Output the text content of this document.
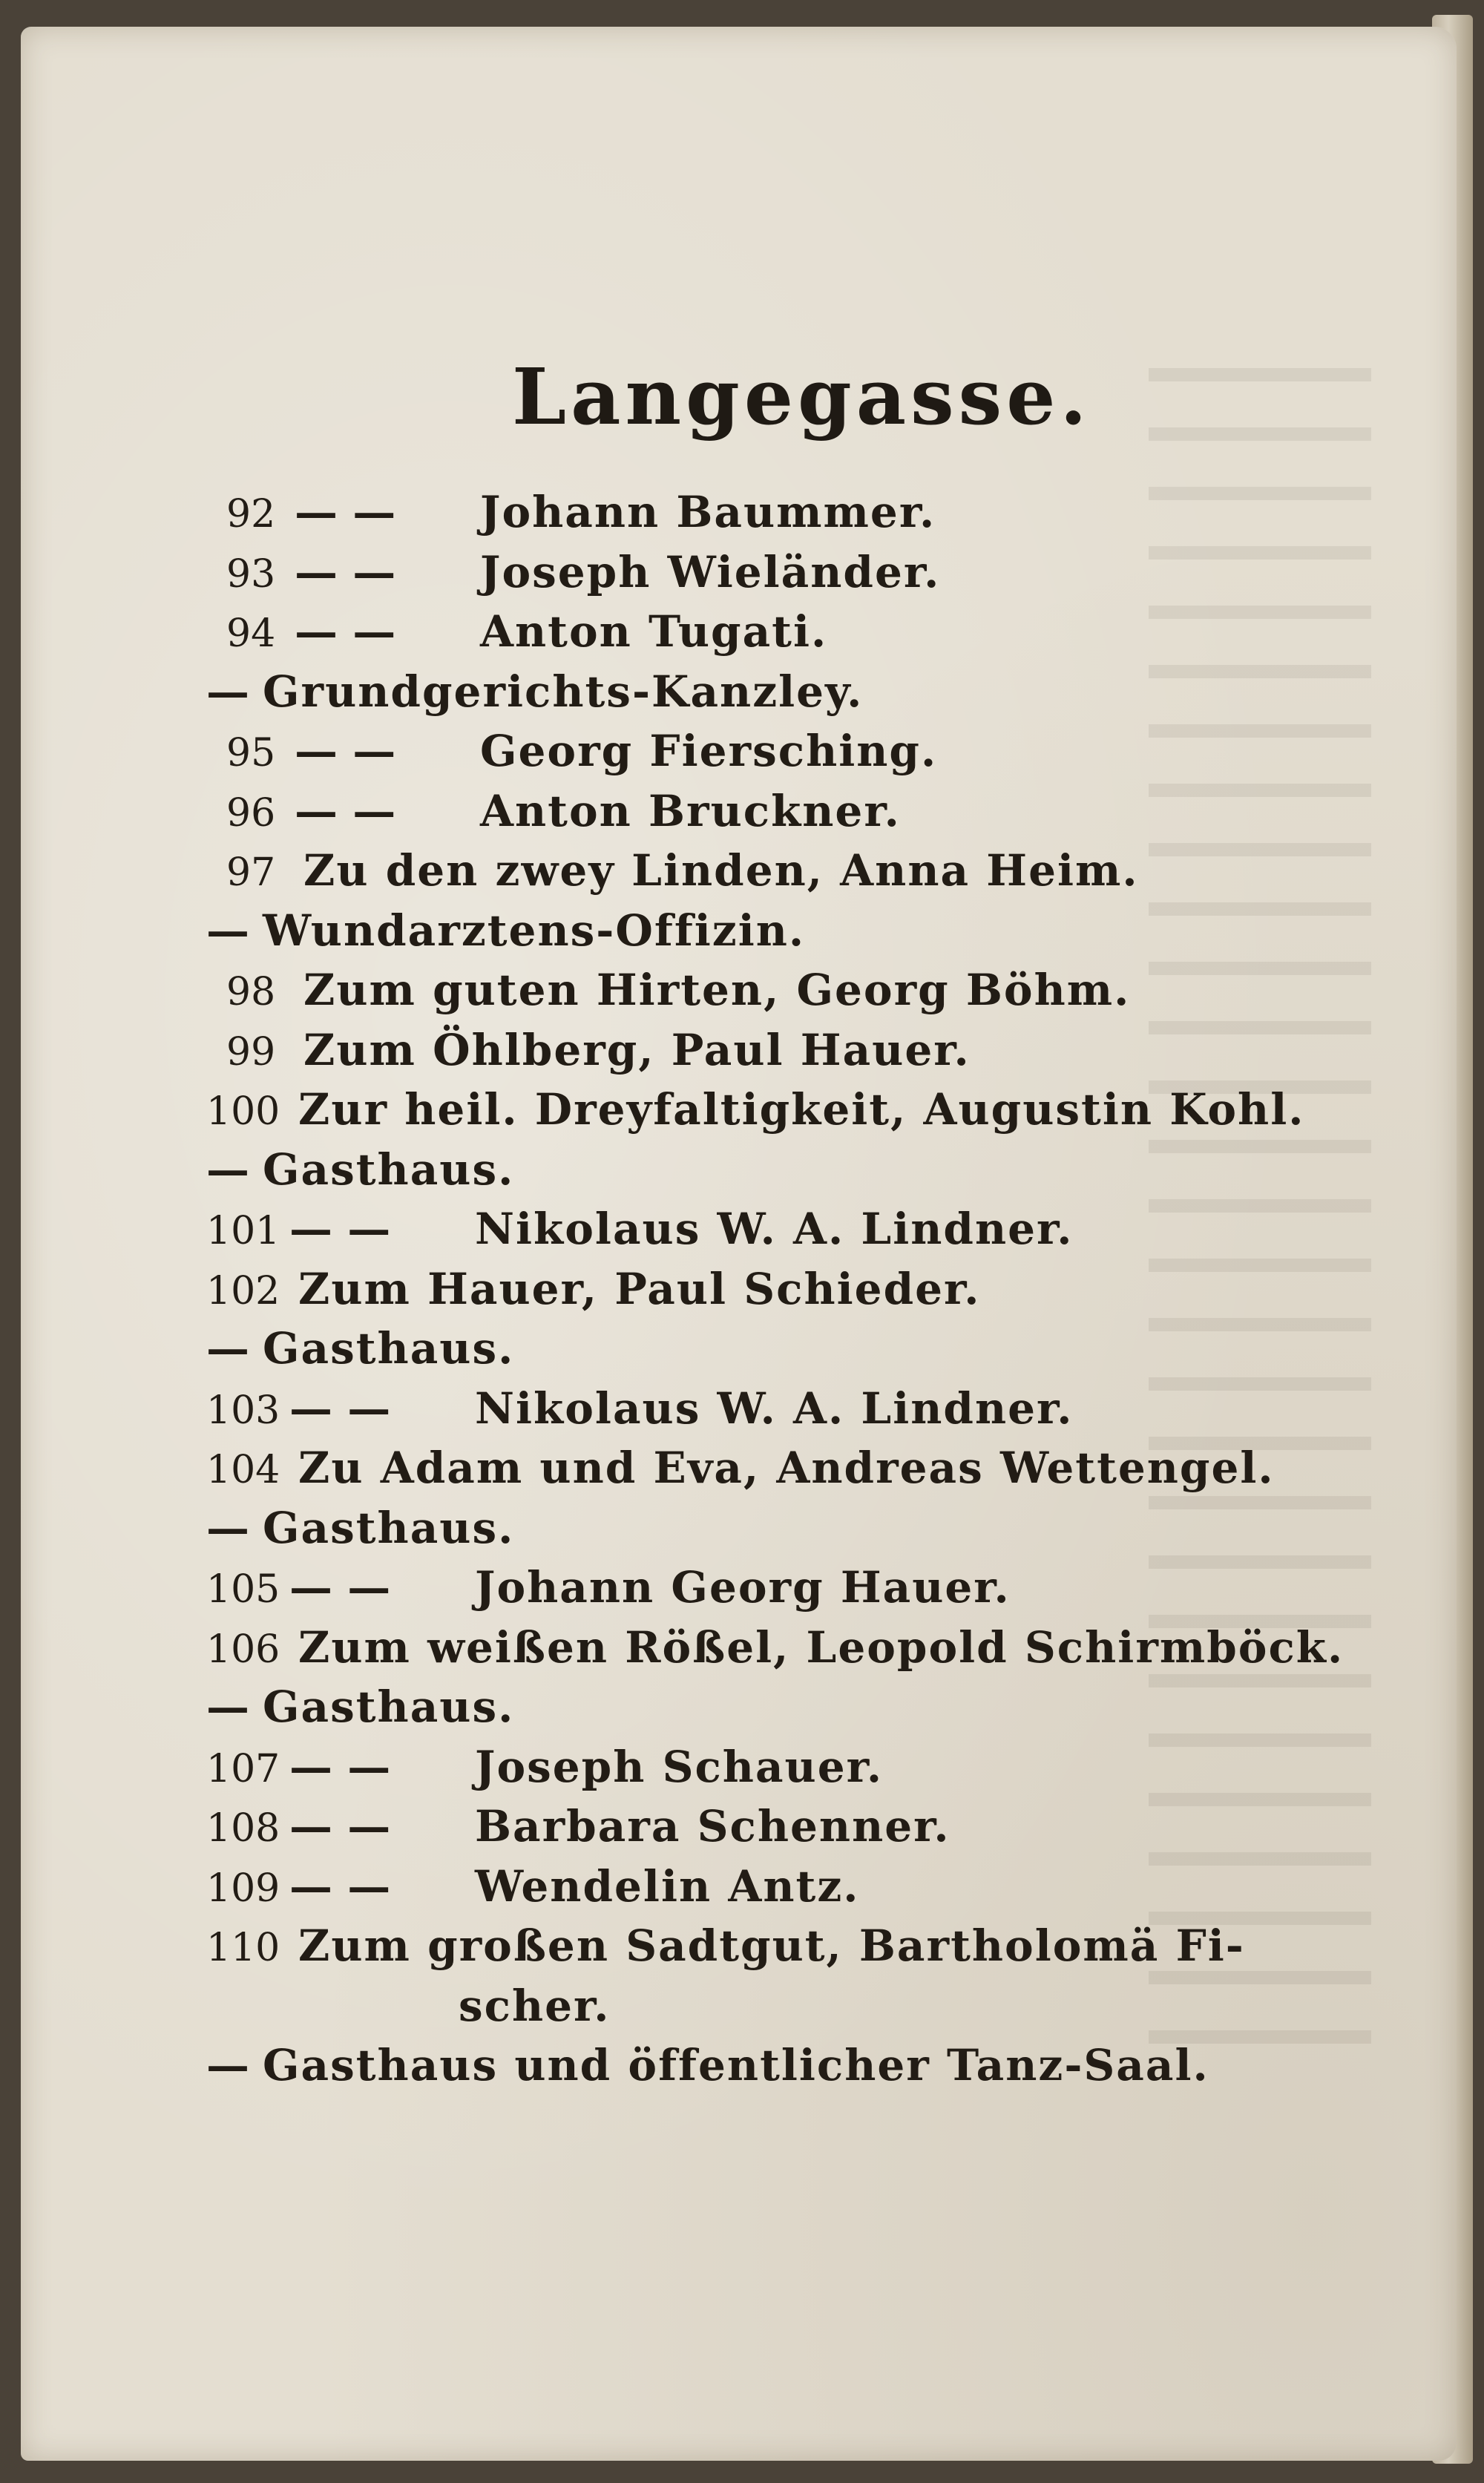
Langegasse.
92 — — Johann Baummer.
93 — — Joseph Wieländer.
94 — — Anton Tugati.
— Grundgerichts-Kanzley.
95 — — Georg Fiersching.
96 — — Anton Bruckner.
97 Zu den zwey Linden, Anna Heim.
— Wundarztens-Offizin.
98 Zum guten Hirten, Georg Böhm.
99 Zum Öhlberg, Paul Hauer.
100 Zur heil. Dreyfaltigkeit, Augustin Kohl.
— Gasthaus.
101 — — Nikolaus W. A. Lindner.
102 Zum Hauer, Paul Schieder.
— Gasthaus.
103 — — Nikolaus W. A. Lindner.
104 Zu Adam und Eva, Andreas Wettengel.
— Gasthaus.
105 — — Johann Georg Hauer.
106 Zum weißen Rößel, Leopold Schirmböck.
— Gasthaus.
107 — — Joseph Schauer.
108 — — Barbara Schenner.
109 — — Wendelin Antz.
110 Zum großen Sadtgut, Bartholomä Fi-
scher.
— Gasthaus und öffentlicher Tanz-Saal.
